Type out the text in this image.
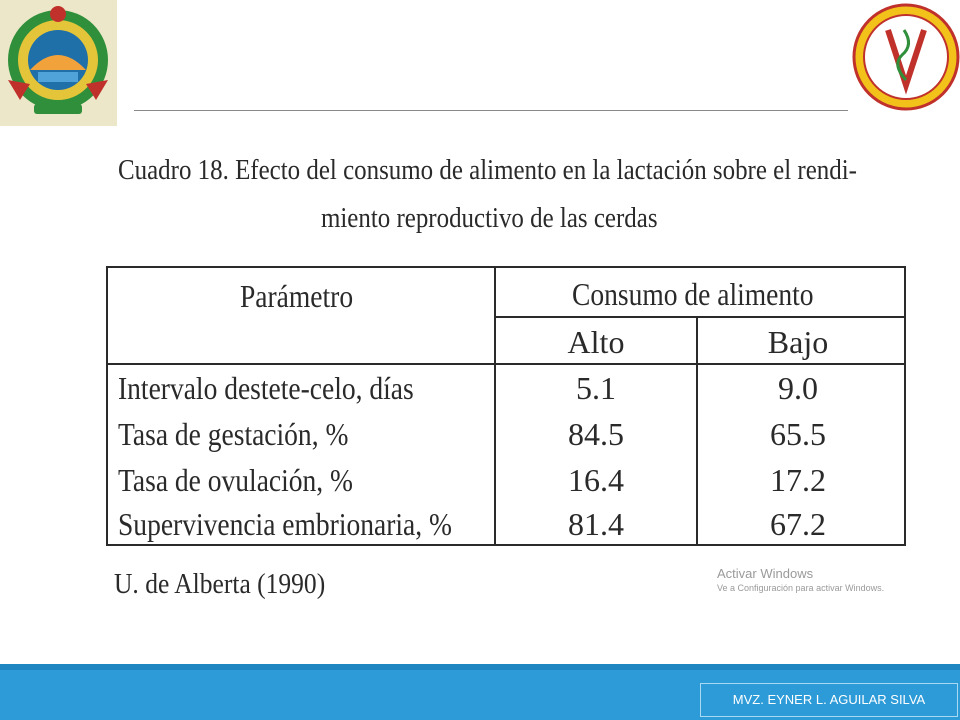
Cuadro 18. Efecto del consumo de alimento en la lactación sobre el rendi-
miento reproductivo de las cerdas
Parámetro	Consumo de alimento
Alto	Bajo
Intervalo destete-celo, días	5.1	9.0
Tasa de gestación, %	84.5	65.5
Tasa de ovulación, %	16.4	17.2
Supervivencia embrionaria, %	81.4	67.2
U. de Alberta (1990)	Activar Windows
Ve a Configuración para activar Windows.
MVZ. EYNER L. AGUILAR SILVA
